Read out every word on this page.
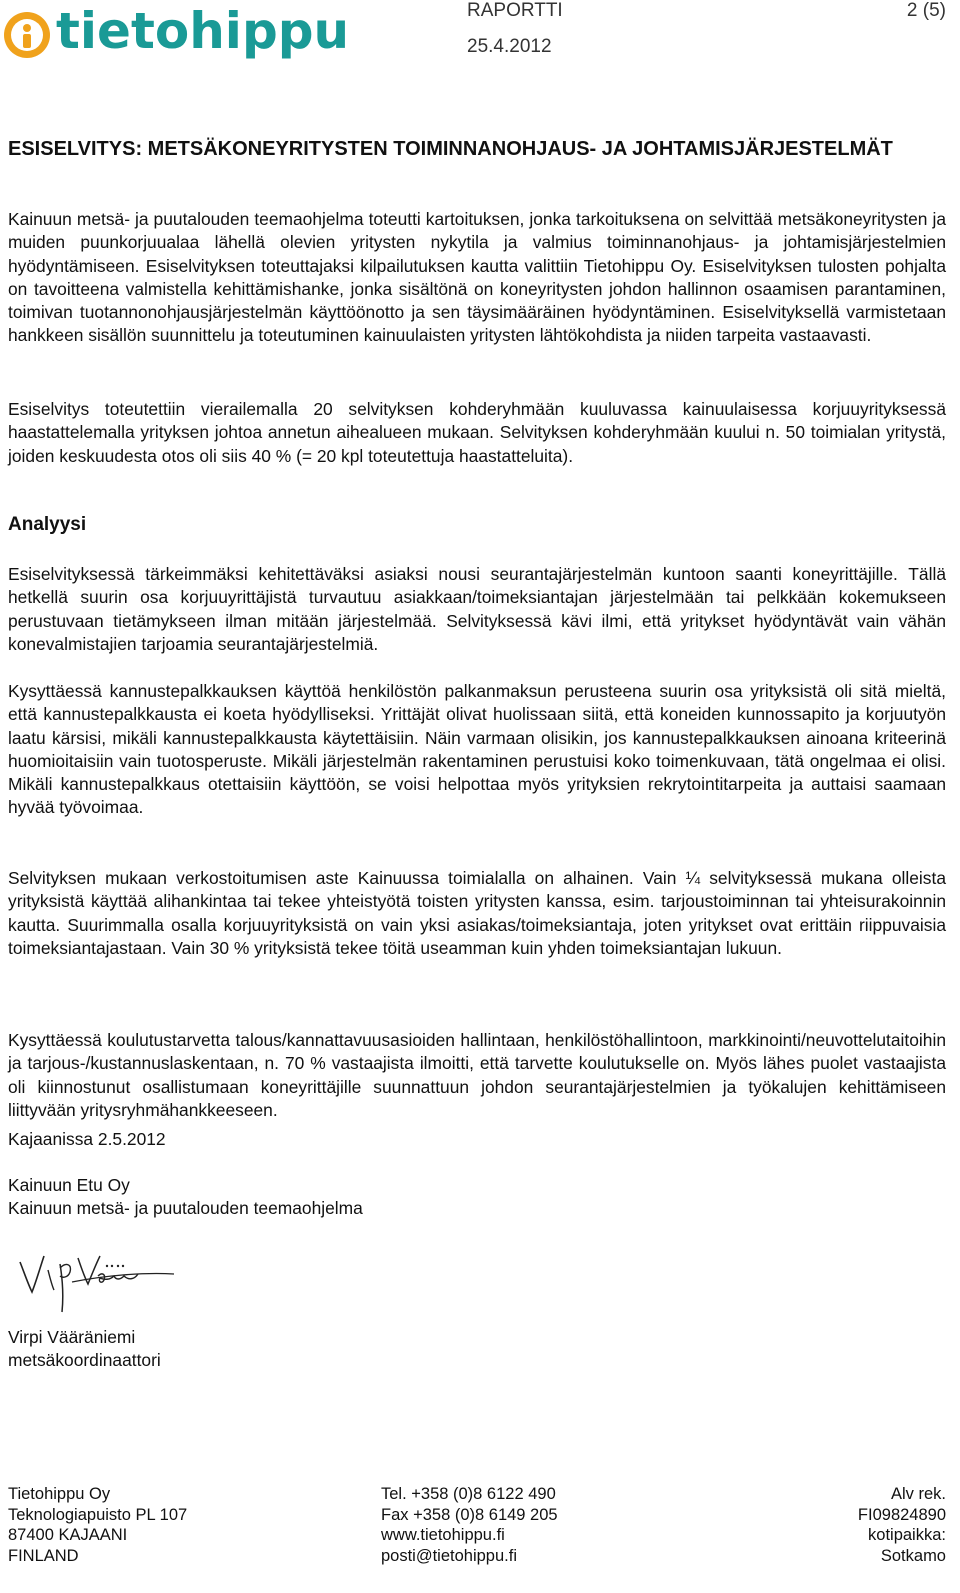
tietohippu	RAPORTTI
25.4.2012
2 (5)
ESISELVITYS: METSÄKONEYRITYSTEN TOIMINNANOHJAUS- JA JOHTAMISJÄRJESTELMÄT

Kainuun metsä- ja puutalouden teemaohjelma toteutti kartoituksen, jonka tarkoituksena on selvittää metsäkoneyritysten ja muiden puunkorjuualaa lähellä olevien yritysten nykytila ja valmius toiminnanohjaus- ja johtamisjärjestelmien hyödyntämiseen. Esiselvityksen toteuttajaksi kilpailutuksen kautta valittiin Tietohippu Oy. Esiselvityksen tulosten pohjalta on tavoitteena valmistella kehittämishanke, jonka sisältönä on koneyritysten johdon hallinnon osaamisen parantaminen, toimivan tuotannonohjausjärjestelmän käyttöönotto ja sen täysimääräinen hyödyntäminen. Esiselvityksellä varmistetaan hankkeen sisällön suunnittelu ja toteutuminen kainuulaisten yritysten lähtökohdista ja niiden tarpeita vastaavasti.

Esiselvitys toteutettiin vierailemalla 20 selvityksen kohderyhmään kuuluvassa kainuulaisessa korjuuyrityksessä haastattelemalla yrityksen johtoa annetun aihealueen mukaan. Selvityksen kohderyhmään kuului n. 50 toimialan yritystä, joiden keskuudesta otos oli siis 40 % (= 20 kpl toteutettuja haastatteluita).

Analyysi

Esiselvityksessä tärkeimmäksi kehitettäväksi asiaksi nousi seurantajärjestelmän kuntoon saanti koneyrittäjille. Tällä hetkellä suurin osa korjuuyrittäjistä turvautuu asiakkaan/toimeksiantajan järjestelmään tai pelkkään kokemukseen perustuvaan tietämykseen ilman mitään järjestelmää. Selvityksessä kävi ilmi, että yritykset hyödyntävät vain vähän konevalmistajien tarjoamia seurantajärjestelmiä.

Kysyttäessä kannustepalkkauksen käyttöä henkilöstön palkanmaksun perusteena suurin osa yrityksistä oli sitä mieltä, että kannustepalkkausta ei koeta hyödylliseksi. Yrittäjät olivat huolissaan siitä, että koneiden kunnossapito ja korjuutyön laatu kärsisi, mikäli kannustepalkkausta käytettäisiin. Näin varmaan olisikin, jos kannustepalkkauksen ainoana kriteerinä huomioitaisiin vain tuotosperuste. Mikäli järjestelmän rakentaminen perustuisi koko toimenkuvaan, tätä ongelmaa ei olisi. Mikäli kannustepalkkaus otettaisiin käyttöön, se voisi helpottaa myös yrityksien rekrytointitarpeita ja auttaisi saamaan hyvää työvoimaa.

Selvityksen mukaan verkostoitumisen aste Kainuussa toimialalla on alhainen. Vain ¼ selvityksessä mukana olleista yrityksistä käyttää alihankintaa tai tekee yhteistyötä toisten yritysten kanssa, esim. tarjoustoiminnan tai yhteisurakoinnin kautta. Suurimmalla osalla korjuuyrityksistä on vain yksi asiakas/toimeksiantaja, joten yritykset ovat erittäin riippuvaisia toimeksiantajastaan. Vain 30 % yrityksistä tekee töitä useamman kuin yhden toimeksiantajan lukuun.

Kysyttäessä koulutustarvetta talous/kannattavuusasioiden hallintaan, henkilöstöhallintoon, markkinointi/neuvottelutaitoihin ja tarjous-/kustannuslaskentaan, n. 70 % vastaajista ilmoitti, että tarvette koulutukselle on. Myös lähes puolet vastaajista oli kiinnostunut osallistumaan koneyrittäjille suunnattuun johdon seurantajärjestelmien ja työkalujen kehittämiseen liittyvään yritysryhmähankkeeseen.

Kajaanissa 2.5.2012
Kainuun Etu Oy
Kainuun metsä- ja puutalouden teemaohjelma
Virpi Vääräniemi
metsäkoordinaattori
Tietohippu Oy
Teknologiapuisto PL 107
87400 KAJAANI
FINLAND
Tel. +358 (0)8 6122 490
Fax +358 (0)8 6149 205
www.tietohippu.fi
posti@tietohippu.fi
Alv rek.
FI09824890
kotipaikka:
Sotkamo
